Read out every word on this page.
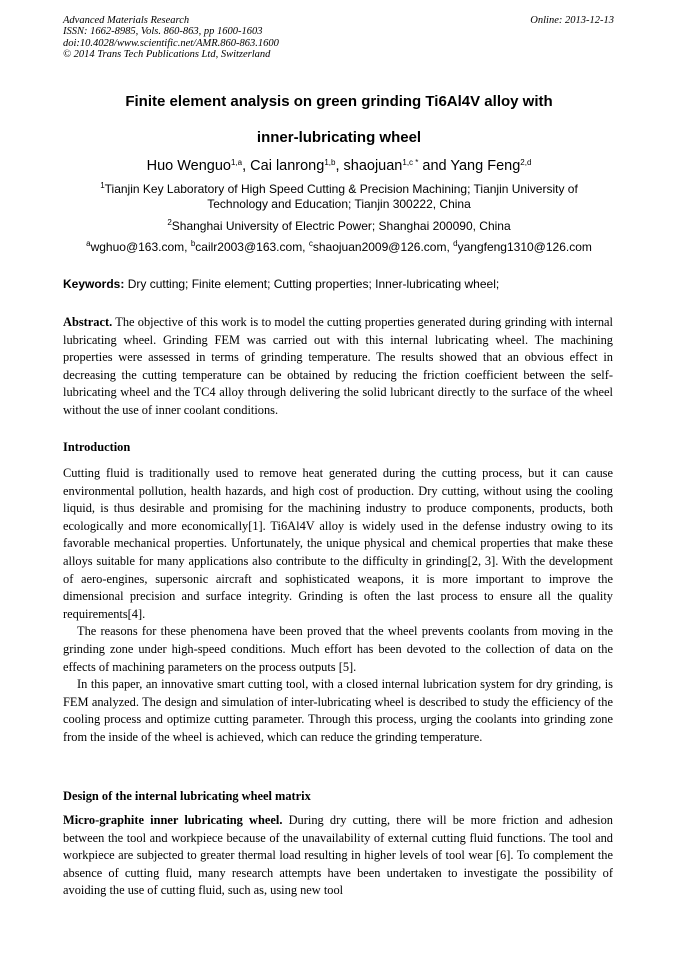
Advanced Materials Research
ISSN: 1662-8985, Vols. 860-863, pp 1600-1603
doi:10.4028/www.scientific.net/AMR.860-863.1600
© 2014 Trans Tech Publications Ltd, Switzerland
Online: 2013-12-13
Finite element analysis on green grinding Ti6Al4V alloy with
inner-lubricating wheel
Huo Wenguo$^{1,a}$, Cai lanrong$^{1,b}$, shaojuan$^{1,c *}$ and Yang Feng$^{2,d}$
$^1$Tianjin Key Laboratory of High Speed Cutting & Precision Machining; Tianjin University of
Technology and Education; Tianjin 300222, China
$^2$Shanghai University of Electric Power; Shanghai 200090, China
$^a$wghuo@163.com, $^b$cailr2003@163.com, $^c$shaojuan2009@126.com, $^d$yangfeng1310@126.com
Keywords: Dry cutting; Finite element; Cutting properties; Inner-lubricating wheel;

Abstract. The objective of this work is to model the cutting properties generated during grinding with internal lubricating wheel. Grinding FEM was carried out with this internal lubricating wheel. The machining properties were assessed in terms of grinding temperature. The results showed that an obvious effect in decreasing the cutting temperature can be obtained by reducing the friction coefficient between the self-lubricating wheel and the TC4 alloy through delivering the solid lubricant directly to the surface of the wheel without the use of inner coolant conditions.

Introduction

Cutting fluid is traditionally used to remove heat generated during the cutting process, but it can cause environmental pollution, health hazards, and high cost of production. Dry cutting, without using the cooling liquid, is thus desirable and promising for the machining industry to produce components, products, both ecologically and more economically[1]. Ti6Al4V alloy is widely used in the defense industry owing to its favorable mechanical properties. Unfortunately, the unique physical and chemical properties that make these alloys suitable for many applications also contribute to the difficulty in grinding[2, 3]. With the development of aero-engines, supersonic aircraft and sophisticated weapons, it is more important to improve the dimensional precision and surface integrity. Grinding is often the last process to ensure all the quality requirements[4].

The reasons for these phenomena have been proved that the wheel prevents coolants from moving in the grinding zone under high-speed conditions. Much effort has been devoted to the collection of data on the effects of machining parameters on the process outputs [5].

In this paper, an innovative smart cutting tool, with a closed internal lubrication system for dry grinding, is FEM analyzed. The design and simulation of inter-lubricating wheel is described to study the efficiency of the cooling process and optimize cutting parameter. Through this process, urging the coolants into grinding zone from the inside of the wheel is achieved, which can reduce the grinding temperature.

Design of the internal lubricating wheel matrix

Micro-graphite inner lubricating wheel. During dry cutting, there will be more friction and adhesion between the tool and workpiece because of the unavailability of external cutting fluid functions. The tool and workpiece are subjected to greater thermal load resulting in higher levels of tool wear [6]. To complement the absence of cutting fluid, many research attempts have been undertaken to investigate the possibility of avoiding the use of cutting fluid, such as, using new tool
